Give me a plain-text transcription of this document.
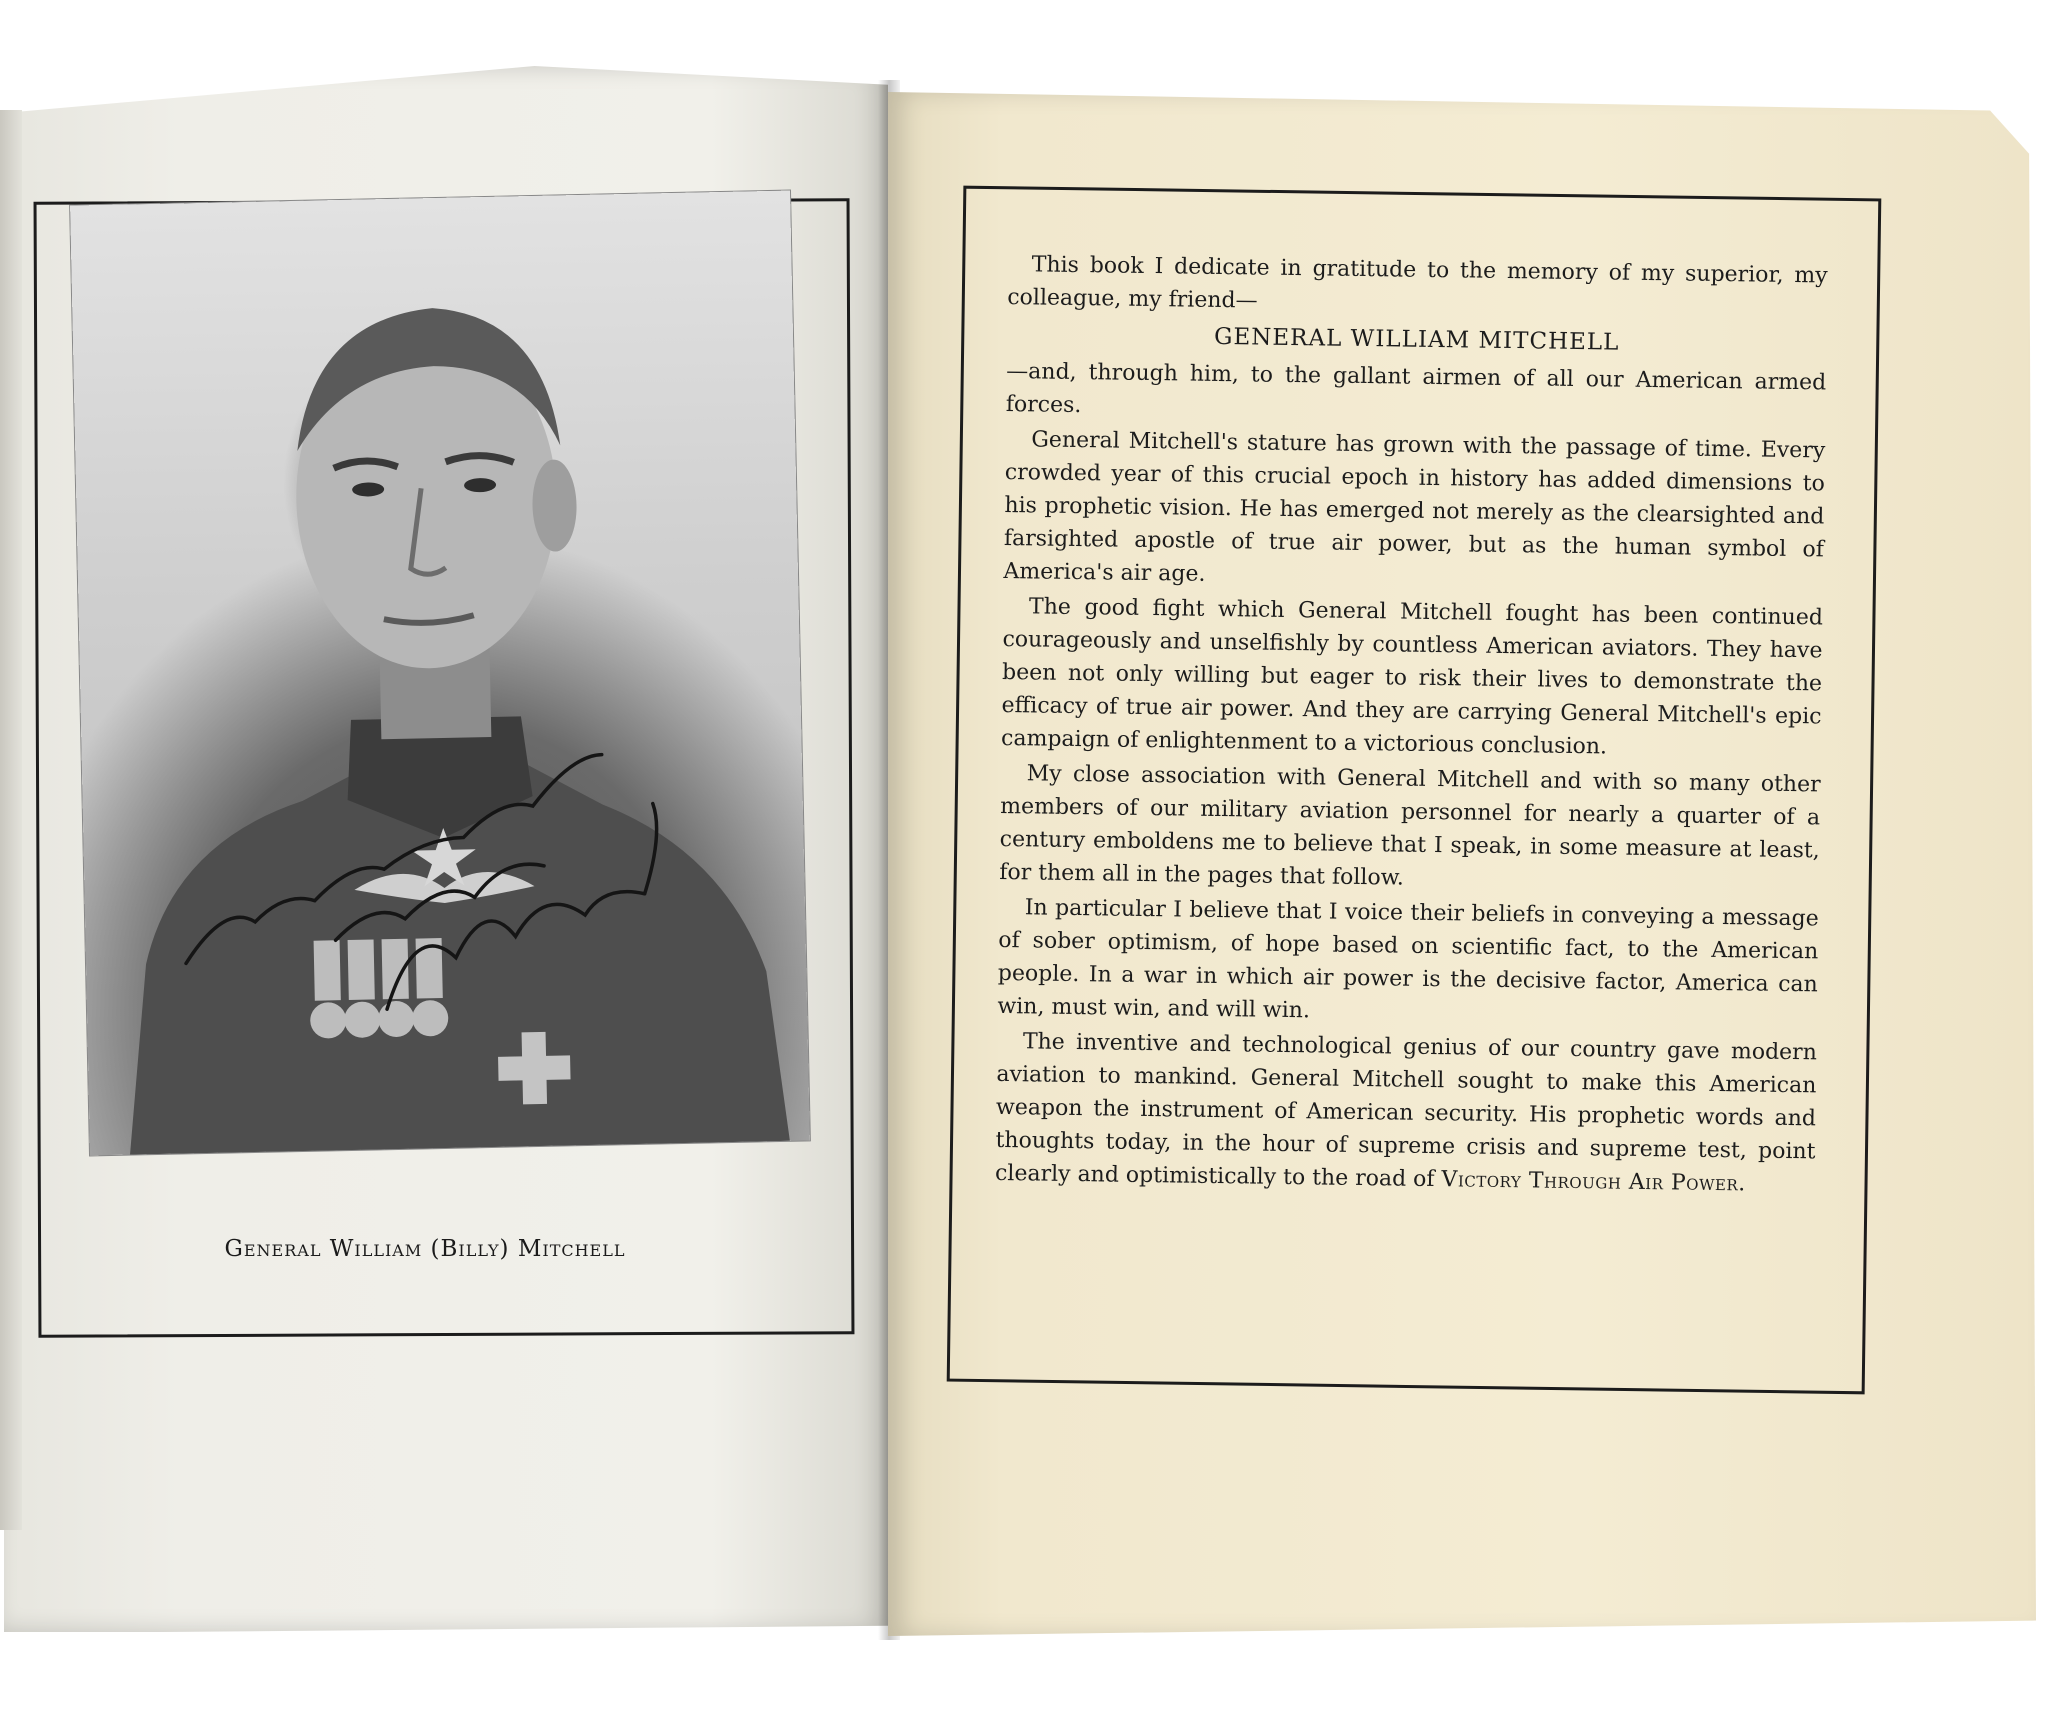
General William (Billy) Mitchell

This book I dedicate in gratitude to the memory of my superior, my colleague, my friend—

GENERAL WILLIAM MITCHELL

—and, through him, to the gallant airmen of all our American armed forces.

General Mitchell's stature has grown with the passage of time. Every crowded year of this crucial epoch in history has added dimensions to his prophetic vision. He has emerged not merely as the clearsighted and farsighted apostle of true air power, but as the human symbol of America's air age.

The good fight which General Mitchell fought has been continued courageously and unselfishly by countless American aviators. They have been not only willing but eager to risk their lives to demonstrate the efficacy of true air power. And they are carrying General Mitchell's epic campaign of enlightenment to a victorious conclusion.

My close association with General Mitchell and with so many other members of our military aviation personnel for nearly a quarter of a century emboldens me to believe that I speak, in some measure at least, for them all in the pages that follow.

In particular I believe that I voice their beliefs in conveying a message of sober optimism, of hope based on scientific fact, to the American people. In a war in which air power is the decisive factor, America can win, must win, and will win.

The inventive and technological genius of our country gave modern aviation to mankind. General Mitchell sought to make this American weapon the instrument of American security. His prophetic words and thoughts today, in the hour of supreme crisis and supreme test, point clearly and optimistically to the road of Victory Through Air Power.
